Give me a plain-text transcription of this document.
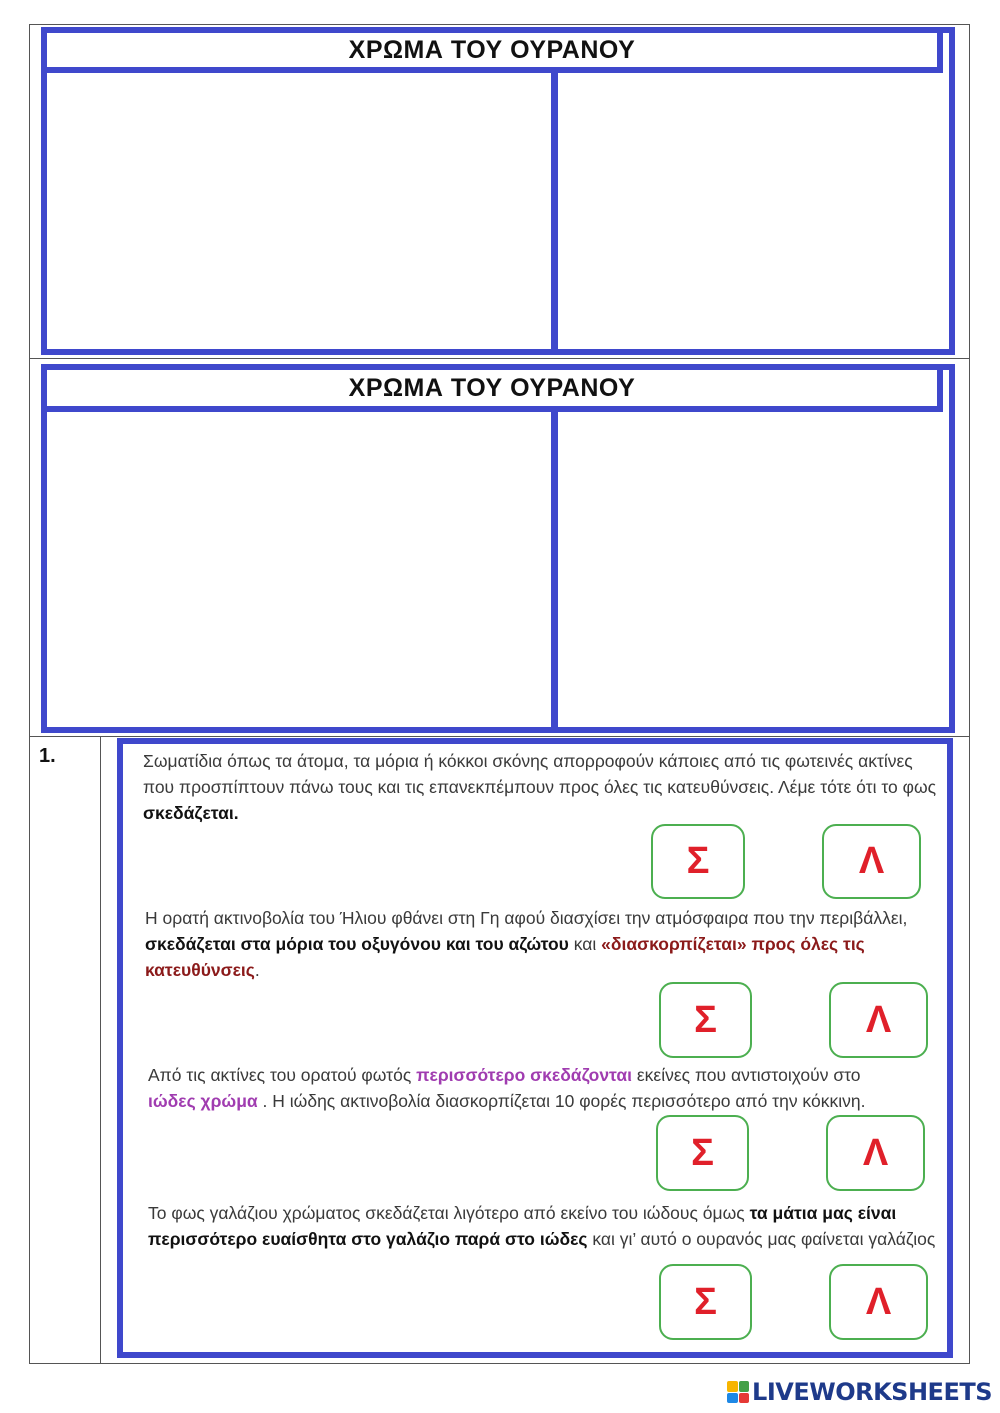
ΧΡΩΜΑ ΤΟΥ ΟΥΡΑΝΟΥ
ΧΡΩΜΑ ΤΟΥ ΟΥΡΑΝΟΥ
1.	Σωματίδια όπως τα άτομα, τα μόρια ή κόκκοι σκόνης απορροφούν κάποιες από τις φωτεινές ακτίνες που προσπίπτουν πάνω τους και τις επανεκπέμπουν προς όλες τις κατευθύνσεις. Λέμε τότε ότι το φως σκεδάζεται.
Σ	Λ
Η ορατή ακτινοβολία του Ήλιου φθάνει στη Γη αφού διασχίσει την ατμόσφαιρα που την περιβάλλει, σκεδάζεται στα μόρια του οξυγόνου και του αζώτου και «διασκορπίζεται» προς όλες τις κατευθύνσεις.
Σ	Λ
Από τις ακτίνες του ορατού φωτός περισσότερο σκεδάζονται εκείνες που αντιστοιχούν στο ιώδες χρώμα . Η ιώδης ακτινοβολία διασκορπίζεται 10 φορές περισσότερο από την κόκκινη.
Σ	Λ
Το φως γαλάζιου χρώματος σκεδάζεται λιγότερο από εκείνο του ιώδους όμως τα μάτια μας είναι περισσότερο ευαίσθητα στο γαλάζιο παρά στο ιώδες και γι’ αυτό ο ουρανός μας φαίνεται γαλάζιος
Σ	Λ
LIVEWORKSHEETS
